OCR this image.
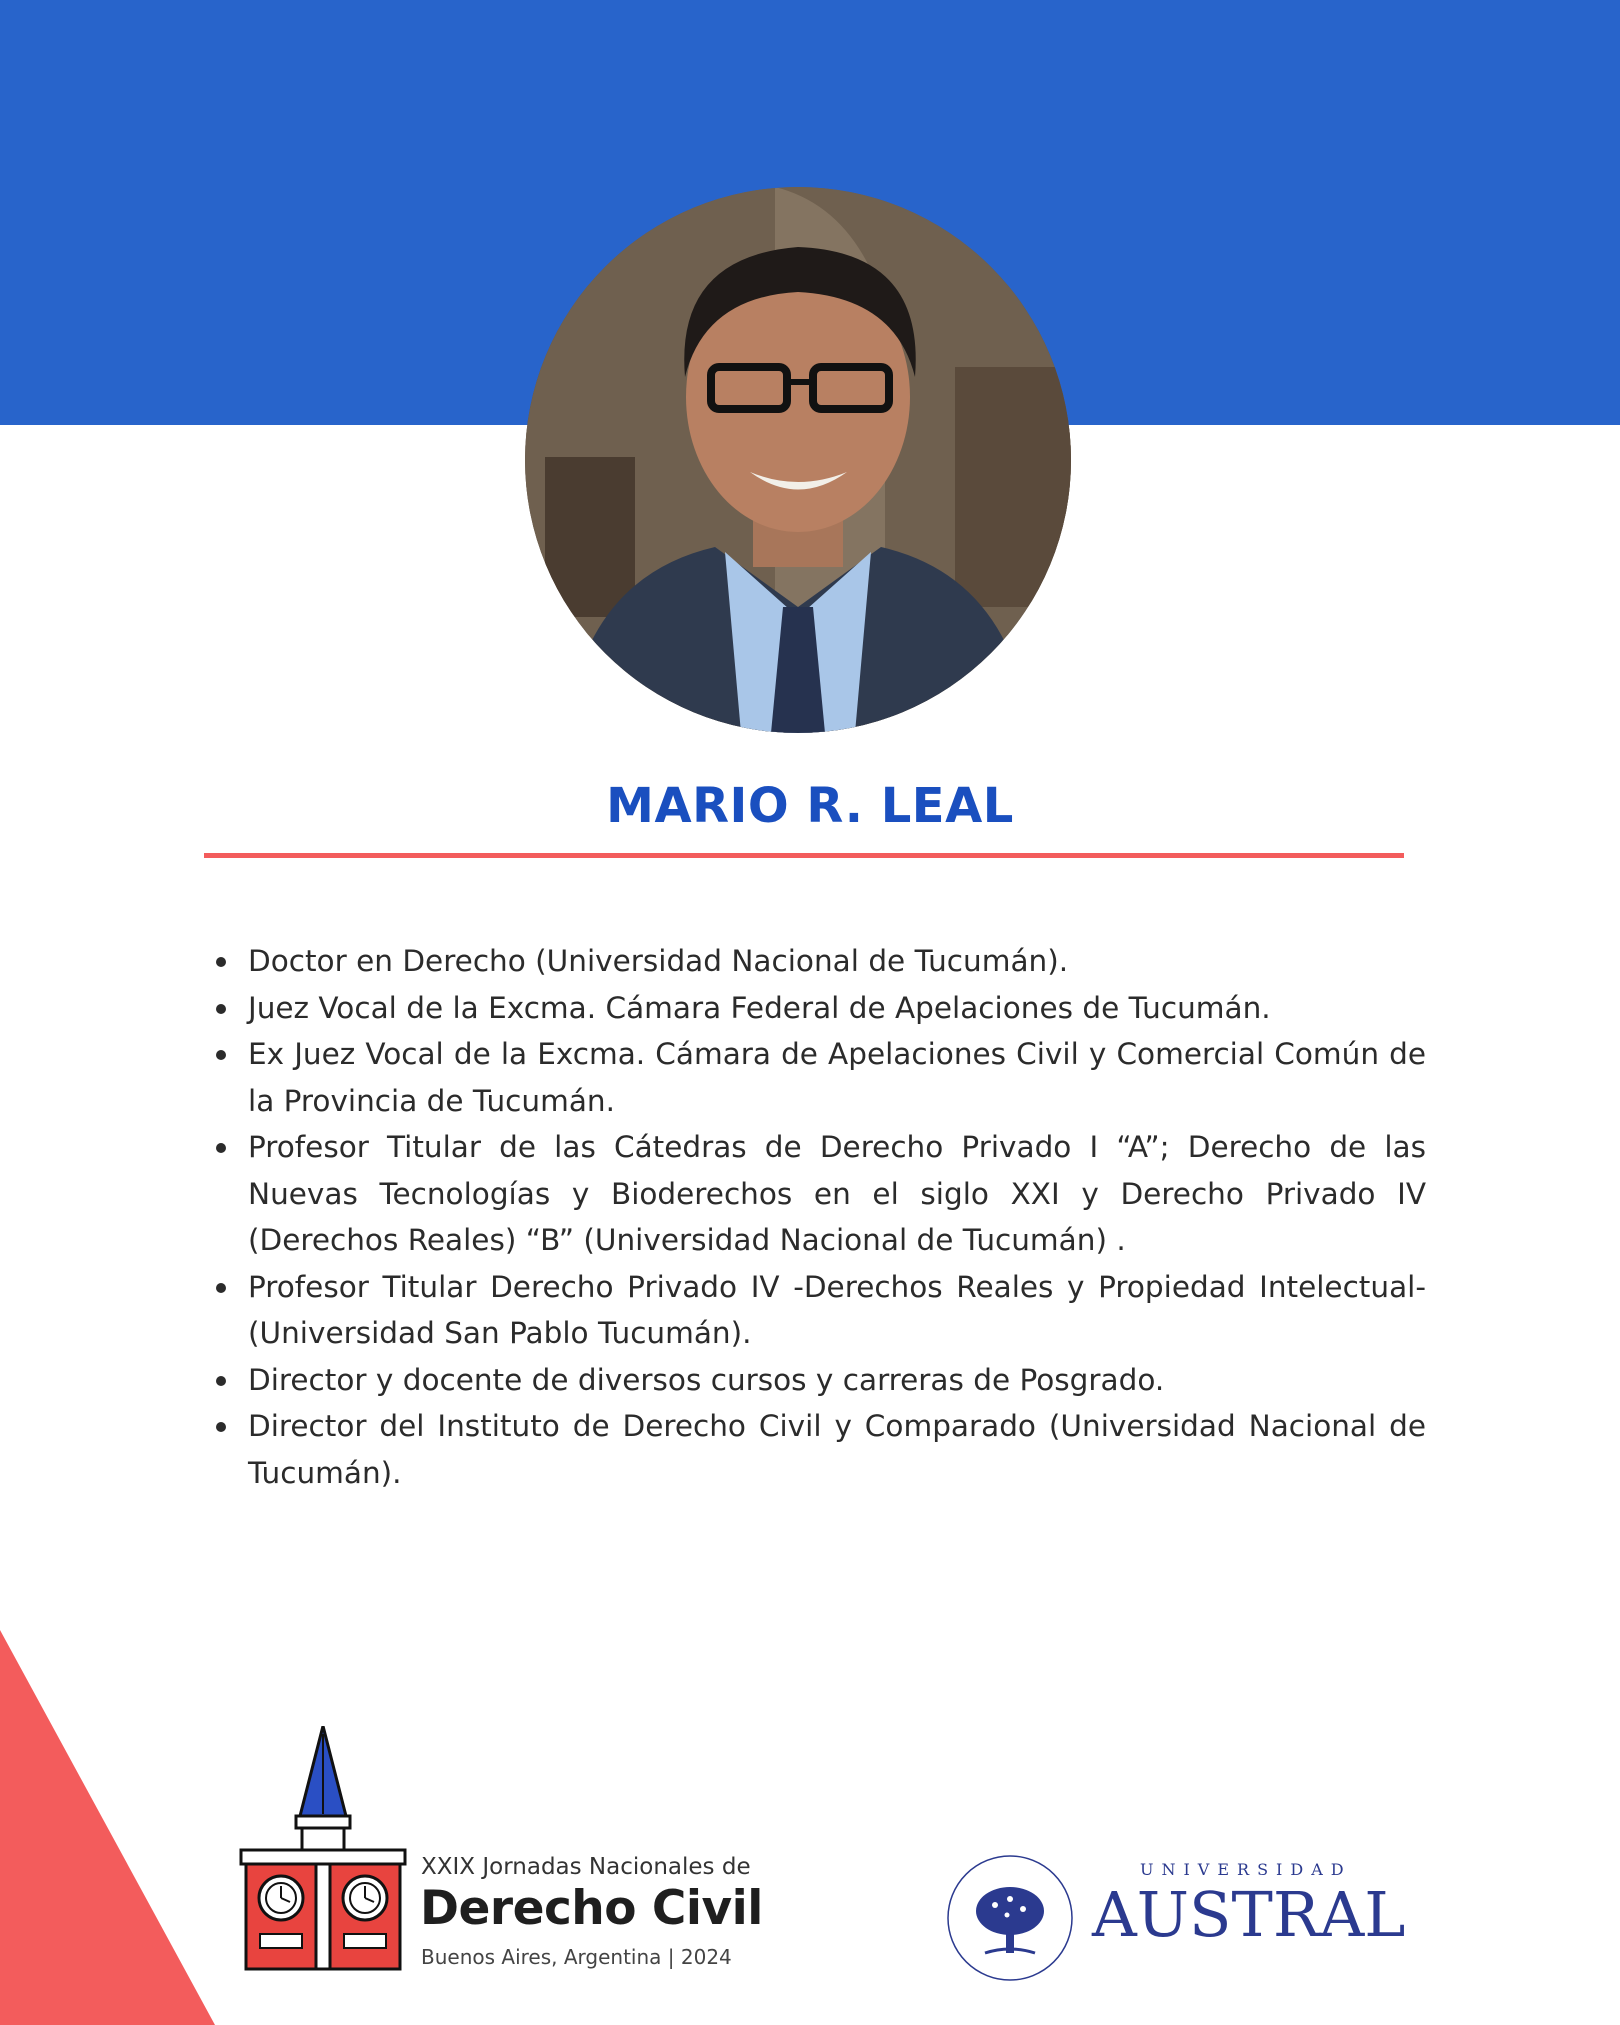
MARIO R. LEAL
Doctor en Derecho (Universidad Nacional de Tucumán).
Juez Vocal de la Excma. Cámara Federal de Apelaciones de Tucumán.
Ex Juez Vocal de la Excma. Cámara de Apelaciones Civil y Comercial Común de la Provincia de Tucumán.
Profesor Titular de las Cátedras de Derecho Privado I “A”; Derecho de las Nuevas Tecnologías y Bioderechos en el siglo XXI y Derecho Privado IV (Derechos Reales) “B” (Universidad Nacional de Tucumán) .
Profesor Titular Derecho Privado IV -Derechos Reales y Propiedad Intelectual- (Universidad San Pablo Tucumán).
Director y docente de diversos cursos y carreras de Posgrado.
Director del Instituto de Derecho Civil y Comparado (Universidad Nacional de Tucumán).
XXIX Jornadas Nacionales de
Derecho Civil
Buenos Aires, Argentina | 2024
UNIVERSIDAD
AUSTRAL
